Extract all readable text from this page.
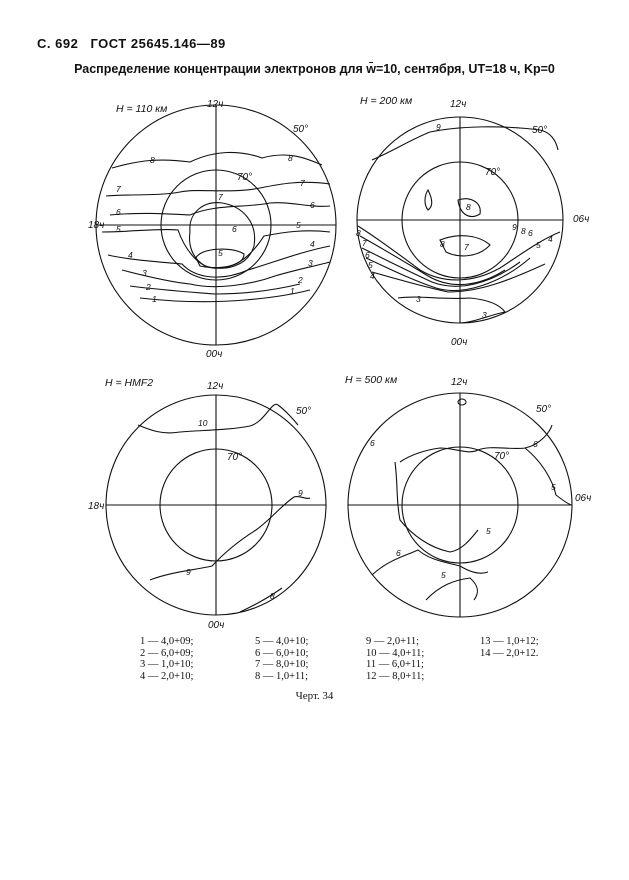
С. 692 ГОСТ 25645.146—89
Распределение концентрации электронов для w̄=10, сентября, UT=18 ч, Kp=0
H = 110 км	12ч
18ч
00ч
50°
70°
8	8
7
7
7
6
6
6
5
5
5
4
4
3
3
2
2
1
1
H = 200 км	12ч
06ч
00ч
50°
70°
9
8
8
8
7	7
6
6
5
5
4
4
3
3
9 8
H = HMF2	12ч
18ч
00ч
50°
70°
10
9
9
8
H = 500 км	12ч
06ч
50°
70°
6	6
6
5
5
5
1 — 4,0+09;
2 — 6,0+09;
3 — 1,0+10;
4 — 2,0+10;
5 — 4,0+10;
6 — 6,0+10;
7 — 8,0+10;
8 — 1,0+11;
9 — 2,0+11;
10 — 4,0+11;
11 — 6,0+11;
12 — 8,0+11;
13 — 1,0+12;
14 — 2,0+12.
Черт. 34
